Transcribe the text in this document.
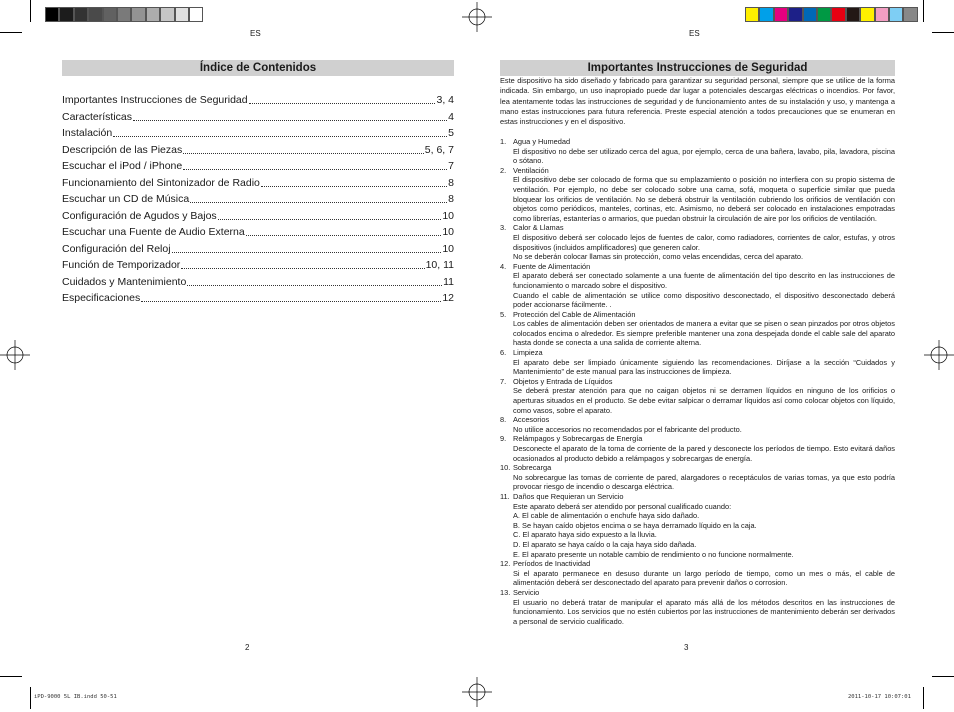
ES
Índice de Contenidos
Importantes Instrucciones de Seguridad	3, 4
Características	4
Instalación	5
Descripción de las Piezas	5, 6, 7
Escuchar el iPod / iPhone	7
Funcionamiento del Sintonizador de Radio	8
Escuchar un CD de Música	8
Configuración de Agudos y Bajos	10
Escuchar una Fuente de Audio Externa	10
Configuración del Reloj	10
Función de Temporizador	10, 11
Cuidados y Mantenimiento	11
Especificaciones	12
2
iPD-9000 5L IB.indd 50-51
ES
Importantes Instrucciones de Seguridad
Este dispositivo ha sido diseñado y fabricado para garantizar su seguridad personal, siempre que se utilice de la forma indicada. Sin embargo, un uso inapropiado puede dar lugar a potenciales descargas eléctricas o incendios. Por favor, lea atentamente todas las instrucciones de seguridad y de funcionamiento antes de su instalación y uso, y mantenga a mano estas instrucciones para futura referencia. Preste especial atención a todos precauciones que se enumeran en estas instrucciones y en el dispositivo.
1. Agua y Humedad
El dispositivo no debe ser utilizado cerca del agua, por ejemplo, cerca de una bañera, lavabo, pila, lavadora, piscina o sótano.
2. Ventilación
El dispositivo debe ser colocado de forma que su emplazamiento o posición no interfiera con su propio sistema de ventilación. Por ejemplo, no debe ser colocado sobre una cama, sofá, moqueta o superficie similar que pueda bloquear los orificios de ventilación. No se deberá obstruir la ventilación cubriendo los orificios de ventilación con objetos como periódicos, manteles, cortinas, etc. Asimismo, no deberá ser colocado en instalaciones empotradas como librerías, estanterías o armarios, que puedan obstruir la circulación de aire por los orificios de ventilación.
3. Calor & Llamas
El dispositivo deberá ser colocado lejos de fuentes de calor, como radiadores, corrientes de calor, estufas, y otros dispositivos (incluidos amplificadores) que generen calor.
No se deberán colocar llamas sin protección, como velas encendidas, cerca del aparato.
4. Fuente de Alimentación
El aparato deberá ser conectado solamente a una fuente de alimentación del tipo descrito en las instrucciones de funcionamiento o marcado sobre el dispositivo.
Cuando el cable de alimentación se utilice como dispositivo desconectado, el dispositivo desconectado deberá poder accionarse fácilmente. .
5. Protección del Cable de Alimentación
Los cables de alimentación deben ser orientados de manera a evitar que se pisen o sean pinzados por otros objetos colocados encima o alrededor. Es siempre preferible mantener una zona despejada donde el cable sale del aparato hasta donde se conecta a una salida de corriente alterna.
6. Limpieza
El aparato debe ser limpiado únicamente siguiendo las recomendaciones. Diríjase a la sección “Cuidados y Mantenimiento” de este manual para las instrucciones de limpieza.
7. Objetos y Entrada de Líquidos
Se deberá prestar atención para que no caigan objetos ni se derramen líquidos en ninguno de los orificios o aperturas situados en el producto. Se debe evitar salpicar o derramar líquidos así como colocar objetos con líquido, como vasos, sobre el aparato.
8. Accesorios
No utilice accesorios no recomendados por el fabricante del producto.
9. Relámpagos y Sobrecargas de Energía
Desconecte el aparato de la toma de corriente de la pared y desconecte los períodos de tiempo. Esto evitará daños ocasionados al producto debido a relámpagos y sobrecargas de energía.
10. Sobrecarga
No sobrecargue las tomas de corriente de pared, alargadores o receptáculos de varias tomas, ya que esto podría provocar riesgo de incendio o descarga eléctrica.
11. Daños que Requieran un Servicio
Este aparato deberá ser atendido por personal cualificado cuando:
A. El cable de alimentación o enchufe haya sido dañado.
B. Se hayan caído objetos encima o se haya derramado líquido en la caja.
C. El aparato haya sido expuesto a la lluvia.
D. El aparato se haya caído o la caja haya sido dañada.
E. El aparato presente un notable cambio de rendimiento o no funcione normalmente.
12. Períodos de Inactividad
Si el aparato permanece en desuso durante un largo período de tiempo, como un mes o más, el cable de alimentación deberá ser desconectado del aparato para prevenir daños o corrosion.
13. Servicio
El usuario no deberá tratar de manipular el aparato más allá de los métodos descritos en las instrucciones de funcionamiento. Los servicios que no estén cubiertos por las instrucciones de mantenimiento deberán ser derivados a personal de servicio cualificado.
3
2011-10-17 10:07:01
